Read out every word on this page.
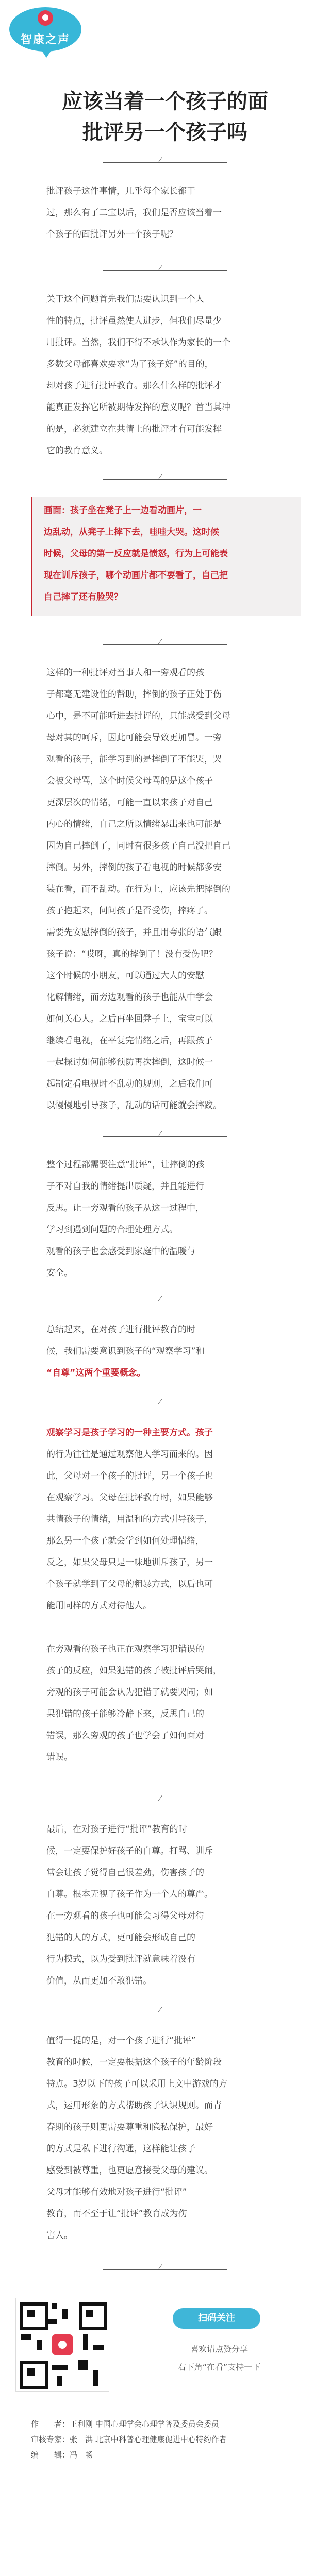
智康之声
应该当着一个孩子的面
批评另一个孩子吗
批评孩子这件事情，几乎每个家长都干
过，那么有了二宝以后，我们是否应该当着一
个孩子的面批评另外一个孩子呢？
关于这个问题首先我们需要认识到一个人
性的特点，批评虽然使人进步，但我们尽量少
用批评。当然，我们不得不承认作为家长的一个
多数父母都喜欢要求“为了孩子好”的目的，
却对孩子进行批评教育。那么什么样的批评才
能真正发挥它所被期待发挥的意义呢？首当其冲
的是，必须建立在共情上的批评才有可能发挥
它的教育意义。
画面：孩子坐在凳子上一边看动画片，一
边乱动，从凳子上摔下去，哇哇大哭。这时候
时候，父母的第一反应就是愤怒，行为上可能表
现在训斥孩子，哪个动画片都不要看了，自己把
自己摔了还有脸哭？
这样的一种批评对当事人和一旁观看的孩
子都毫无建设性的帮助，摔倒的孩子正处于伤
心中，是不可能听进去批评的，只能感受到父母
母对其的呵斥，因此可能会导致更加冒。一旁
观看的孩子，能学习到的是摔倒了不能哭，哭
会被父母骂，这个时候父母骂的是这个孩子
更深层次的情绪，可能一直以来孩子对自己
内心的情绪，自己之所以情绪暴出来也可能是
因为自己摔倒了，同时有很多孩子自己没把自己
摔倒。另外，摔倒的孩子看电视的时候都多安
装在看，而不乱动。在行为上，应该先把摔倒的
孩子抱起来，问问孩子是否受伤，摔疼了。
需要先安慰摔倒的孩子，并且用夸张的语气跟
孩子说：“哎呀，真的摔倒了！没有受伤吧？
这个时候的小朋友，可以通过大人的安慰
化解情绪，而旁边观看的孩子也能从中学会
如何关心人。之后再坐回凳子上，宝宝可以
继续看电视，在平复完情绪之后，再跟孩子
一起探讨如何能够预防再次摔倒，这时候一
起制定看电视时不乱动的规则，之后我们可
以慢慢地引导孩子，乱动的话可能就会摔跤。
整个过程都需要注意“批评”，让摔倒的孩
子不对自我的情绪提出质疑，并且能进行
反思。让一旁观看的孩子从这一过程中，
学习到遇到问题的合理处理方式。
观看的孩子也会感受到家庭中的温暖与
安全。
总结起来，在对孩子进行批评教育的时
候，我们需要意识到孩子的“观察学习”和
“自尊”这两个重要概念。
观察学习是孩子学习的一种主要方式。孩子
的行为往往是通过观察他人学习而来的。因
此，父母对一个孩子的批评，另一个孩子也
在观察学习。父母在批评教育时，如果能够
共情孩子的情绪，用温和的方式引导孩子，
那么另一个孩子就会学到如何处理情绪，
反之，如果父母只是一味地训斥孩子，另一
个孩子就学到了父母的粗暴方式，以后也可
能用同样的方式对待他人。
在旁观看的孩子也正在观察学习犯错误的
孩子的反应，如果犯错的孩子被批评后哭闹，
旁观的孩子可能会认为犯错了就要哭闹；如
果犯错的孩子能够冷静下来，反思自己的
错误，那么旁观的孩子也学会了如何面对
错误。
最后，在对孩子进行“批评”教育的时
候，一定要保护好孩子的自尊。打骂、训斥
常会让孩子觉得自己很差劲，伤害孩子的
自尊。根本无视了孩子作为一个人的尊严。
在一旁观看的孩子也可能会习得父母对待
犯错的人的方式，更可能会形成自己的
行为模式，以为受到批评就意味着没有
价值，从而更加不敢犯错。
值得一提的是，对一个孩子进行“批评”
教育的时候，一定要根据这个孩子的年龄阶段
特点。3岁以下的孩子可以采用上文中游戏的方
式，运用形象的方式帮助孩子认识规则。而青
春期的孩子则更需要尊重和隐私保护，最好
的方式是私下进行沟通，这样能让孩子
感受到被尊重，也更愿意接受父母的建议。
父母才能够有效地对孩子进行“批评”
教育，而不至于让“批评”教育成为伤
害人。
扫码关注
喜欢请点赞分享
右下角“在看”支持一下
作　　者：王利刚 中国心理学会心理学普及委员会委员
审核专家：张　洪 北京中科普心理健康促进中心特约作者
编　　辑：冯　畅
